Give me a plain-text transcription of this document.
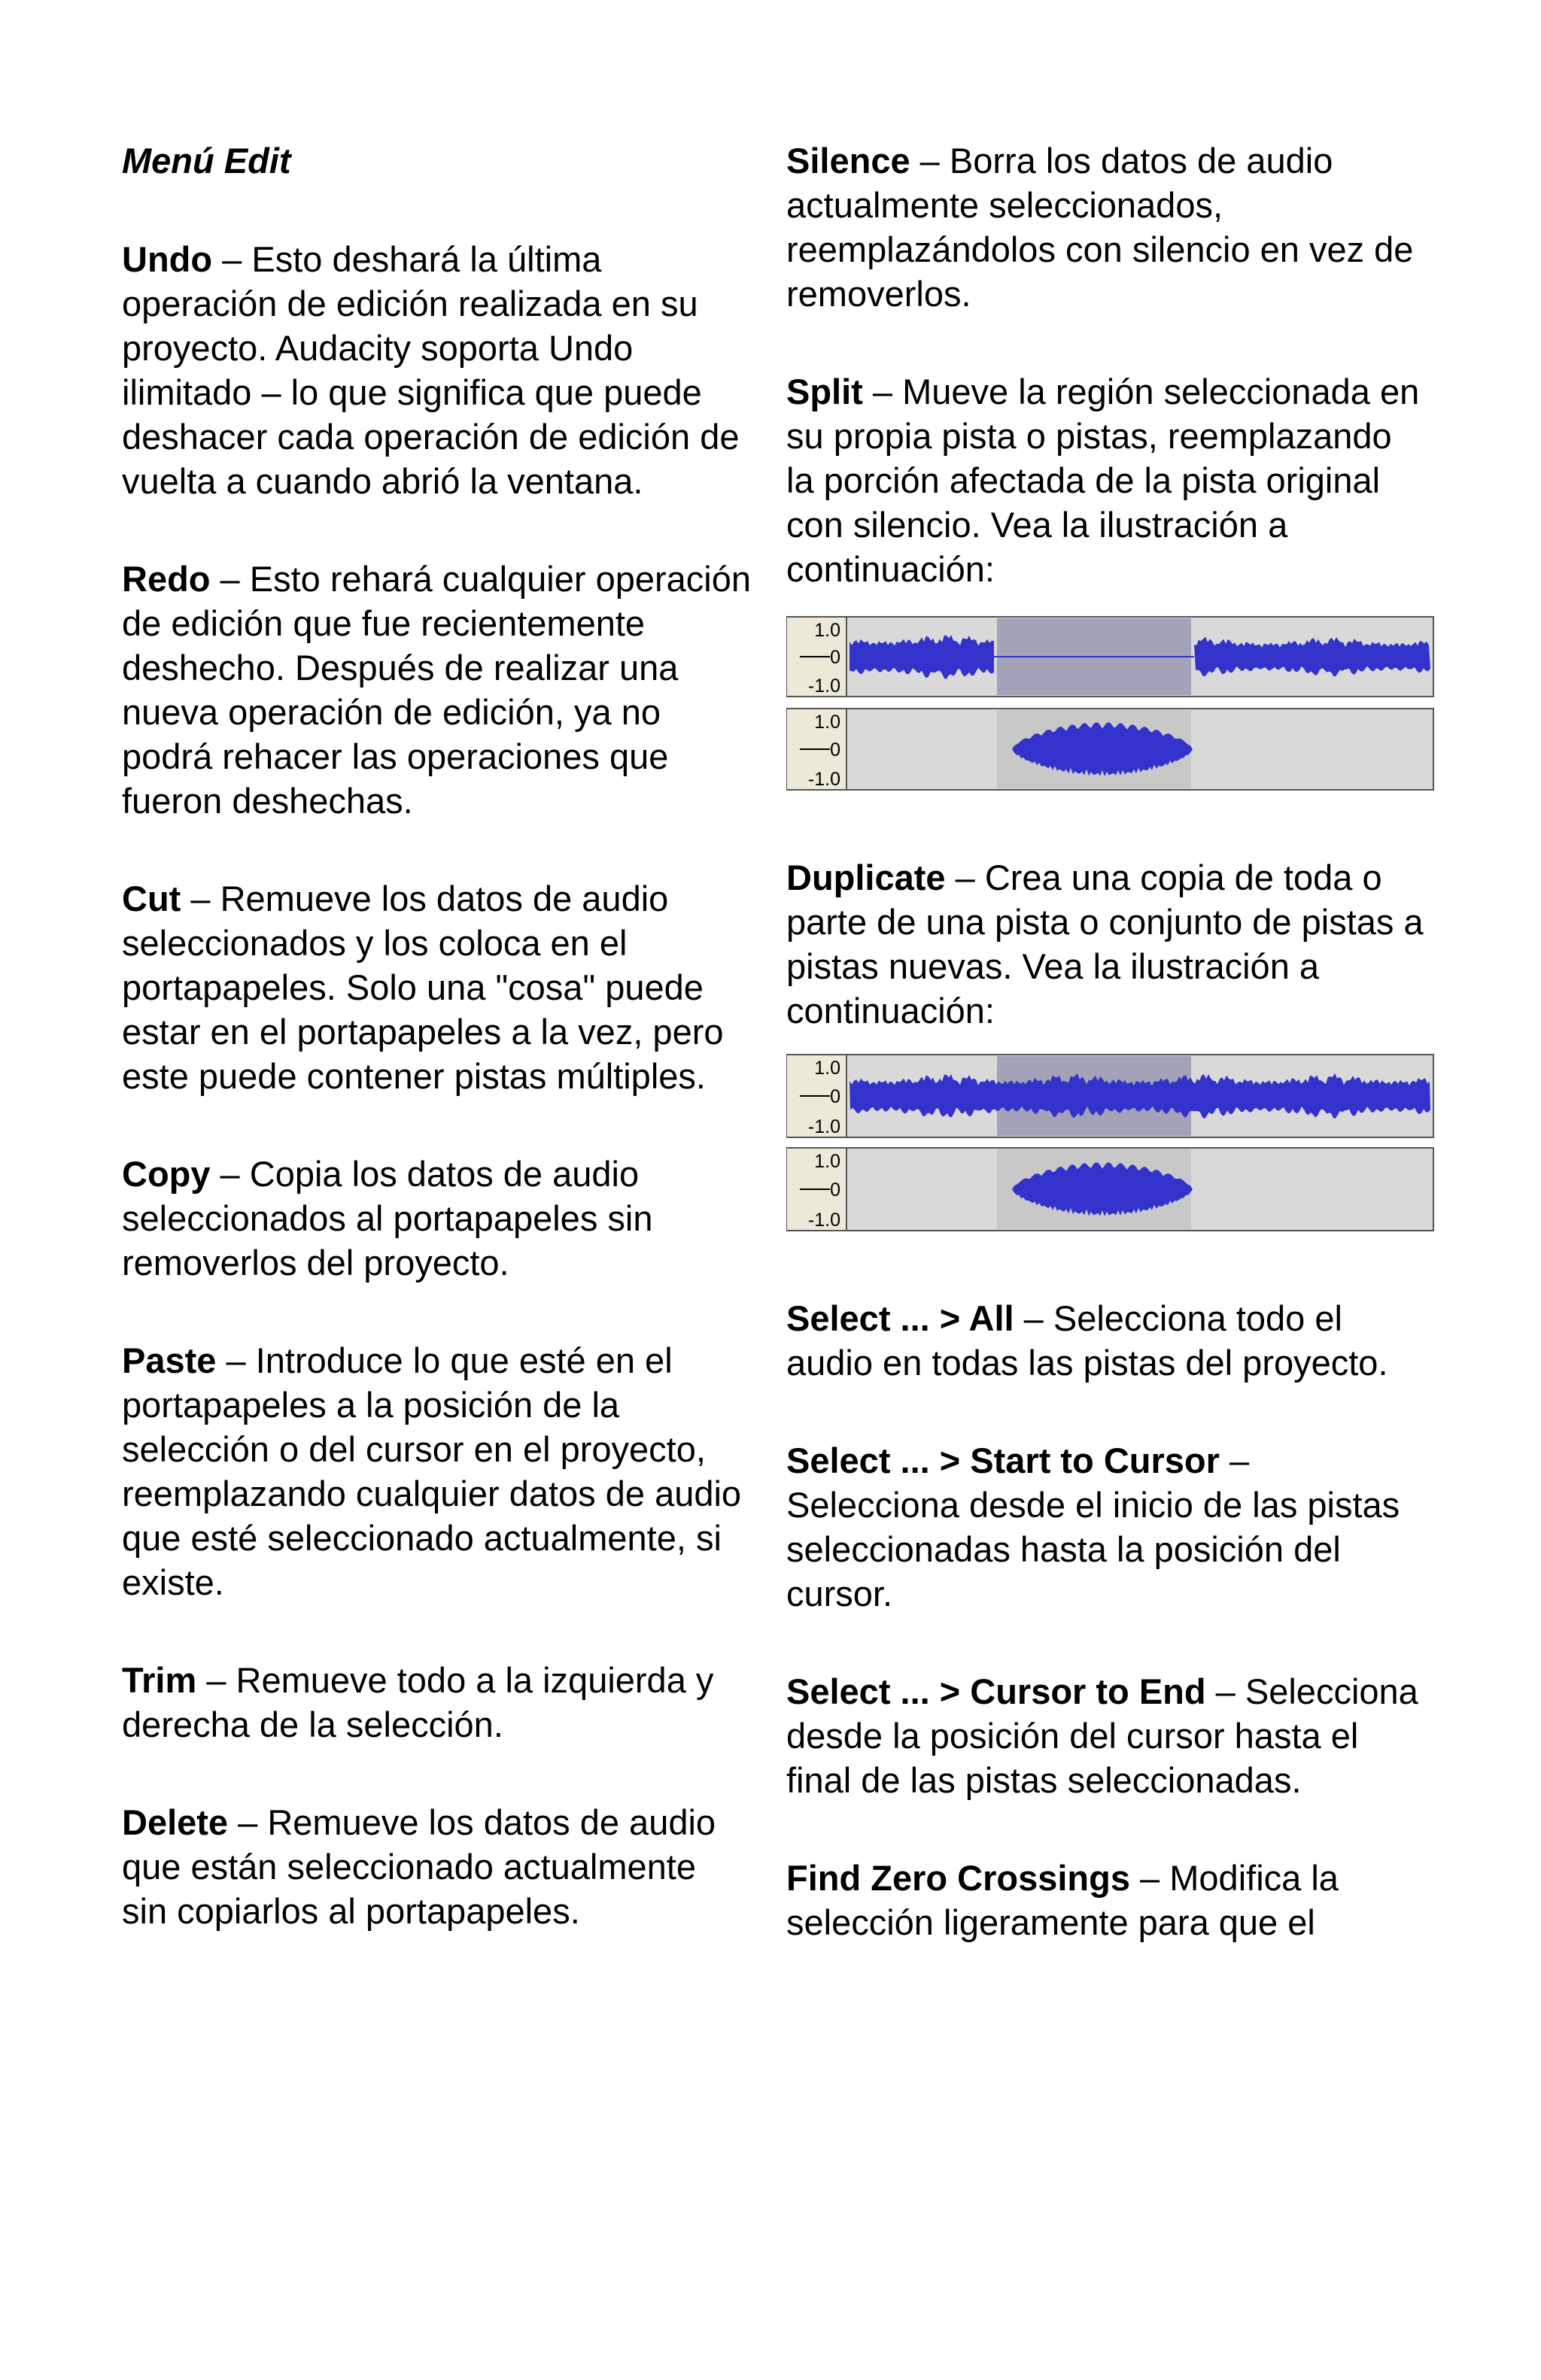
Menú Edit
Undo – Esto deshará la última operación de edición realizada en su proyecto. Audacity soporta Undo ilimitado – lo que significa que puede deshacer cada operación de edición de vuelta a cuando abrió la ventana.
Redo – Esto rehará cualquier operación de edición que fue recientemente deshecho. Después de realizar una nueva operación de edición, ya no podrá rehacer las operaciones que fueron deshechas.
Cut – Remueve los datos de audio seleccionados y los coloca en el portapapeles. Solo una "cosa" puede estar en el portapapeles a la vez, pero este puede contener pistas múltiples.
Copy – Copia los datos de audio seleccionados al portapapeles sin removerlos del proyecto.
Paste – Introduce lo que esté en el portapapeles a la posición de la selección o del cursor en el proyecto, reemplazando cualquier datos de audio que esté seleccionado actualmente, si existe.
Trim – Remueve todo a la izquierda y derecha de la selección.
Delete – Remueve los datos de audio que están seleccionado actualmente sin copiarlos al portapapeles.
Silence – Borra los datos de audio actualmente seleccionados, reemplazándolos con silencio en vez de removerlos.
Split – Mueve la región seleccionada en su propia pista o pistas, reemplazando la porción afectada de la pista original con silencio. Vea la ilustración a continuación:
1.0
0
-1.0
1.0
0
-1.0
Duplicate – Crea una copia de toda o parte de una pista o conjunto de pistas a pistas nuevas. Vea la ilustración a continuación:
1.0
0
-1.0
1.0
0
-1.0
Select ... > All – Selecciona todo el audio en todas las pistas del proyecto.
Select ... > Start to Cursor – Selecciona desde el inicio de las pistas seleccionadas hasta la posición del cursor.
Select ... > Cursor to End – Selecciona desde la posición del cursor hasta el final de las pistas seleccionadas.
Find Zero Crossings – Modifica la selección ligeramente para que el
